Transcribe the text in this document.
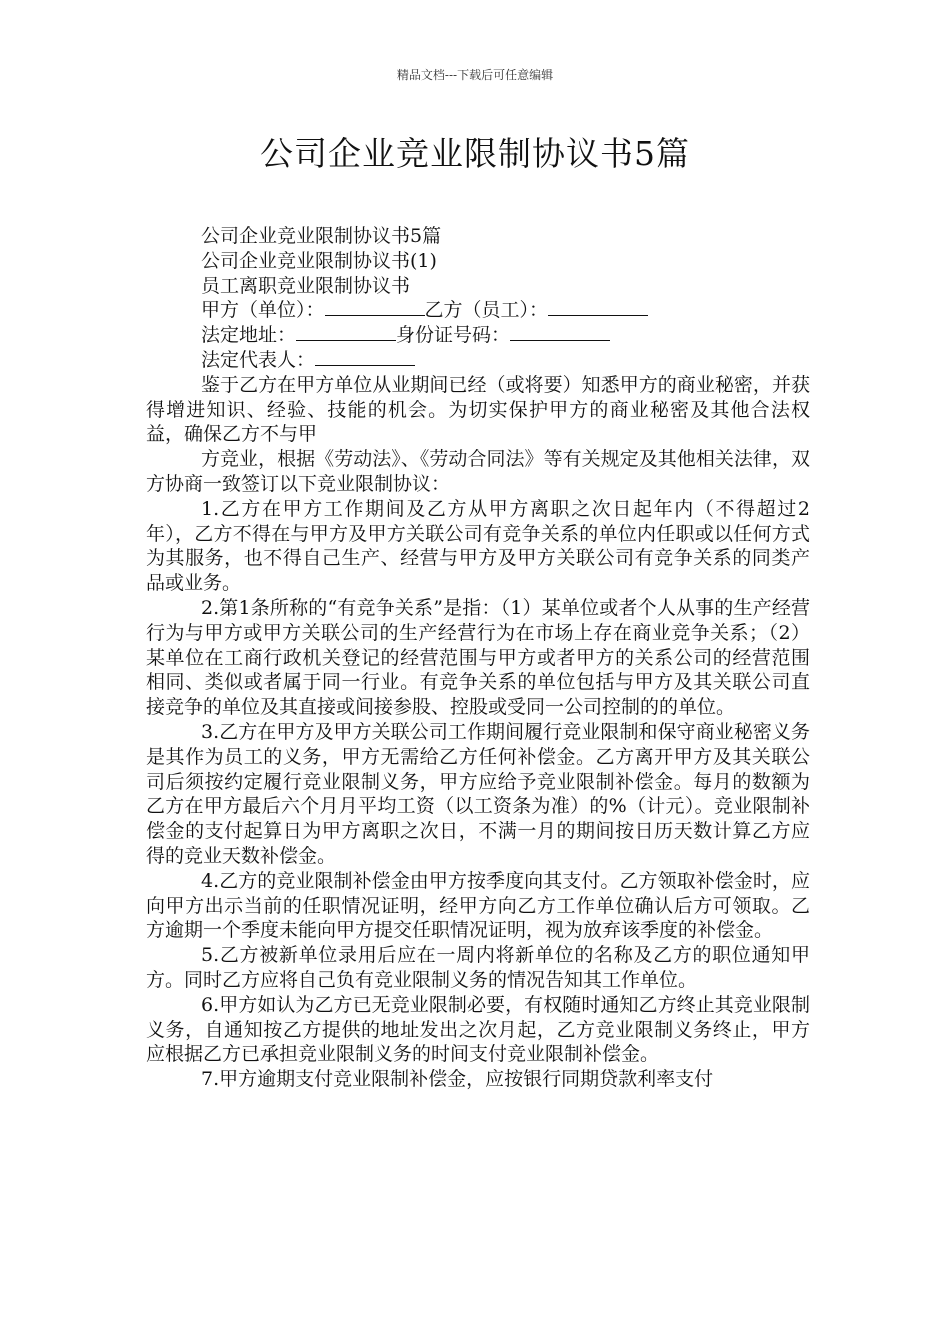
精品文档---下载后可任意编辑
公司企业竞业限制协议书5篇
公司企业竞业限制协议书5篇
公司企业竞业限制协议书(1)
员工离职竞业限制协议书
甲方（单位）：	乙方（员工）：
法定地址：	身份证号码：
法定代表人：

鉴于乙方在甲方单位从业期间已经（或将要）知悉甲方的商业秘密，并获得增进知识、经验、技能的机会。为切实保护甲方的商业秘密及其他合法权益，确保乙方不与甲

方竞业，根据《劳动法》、《劳动合同法》等有关规定及其他相关法律，双方协商一致签订以下竞业限制协议：

1.乙方在甲方工作期间及乙方从甲方离职之次日起年内（不得超过2年），乙方不得在与甲方及甲方关联公司有竞争关系的单位内任职或以任何方式为其服务，也不得自己生产、经营与甲方及甲方关联公司有竞争关系的同类产品或业务。

2.第1条所称的“有竞争关系”是指：（1）某单位或者个人从事的生产经营行为与甲方或甲方关联公司的生产经营行为在市场上存在商业竞争关系；（2）某单位在工商行政机关登记的经营范围与甲方或者甲方的关系公司的经营范围相同、类似或者属于同一行业。有竞争关系的单位包括与甲方及其关联公司直接竞争的单位及其直接或间接参股、控股或受同一公司控制的的单位。

3.乙方在甲方及甲方关联公司工作期间履行竞业限制和保守商业秘密义务是其作为员工的义务，甲方无需给乙方任何补偿金。乙方离开甲方及其关联公司后须按约定履行竞业限制义务，甲方应给予竞业限制补偿金。每月的数额为乙方在甲方最后六个月月平均工资（以工资条为准）的%（计元）。竞业限制补偿金的支付起算日为甲方离职之次日，不满一月的期间按日历天数计算乙方应得的竞业天数补偿金。

4.乙方的竞业限制补偿金由甲方按季度向其支付。乙方领取补偿金时，应向甲方出示当前的任职情况证明，经甲方向乙方工作单位确认后方可领取。乙方逾期一个季度未能向甲方提交任职情况证明，视为放弃该季度的补偿金。

5.乙方被新单位录用后应在一周内将新单位的名称及乙方的职位通知甲方。同时乙方应将自己负有竞业限制义务的情况告知其工作单位。

6.甲方如认为乙方已无竞业限制必要，有权随时通知乙方终止其竞业限制义务，自通知按乙方提供的地址发出之次月起，乙方竞业限制义务终止，甲方应根据乙方已承担竞业限制义务的时间支付竞业限制补偿金。

7.甲方逾期支付竞业限制补偿金，应按银行同期贷款利率支付
